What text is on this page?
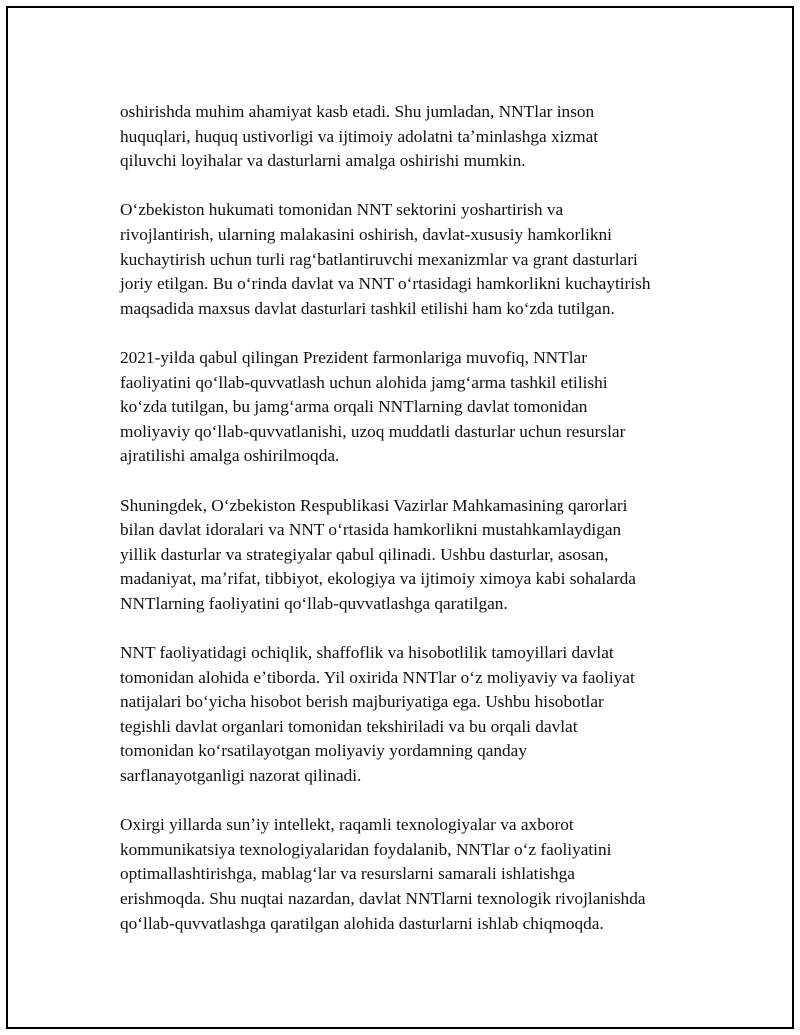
oshirishda muhim ahamiyat kasb etadi. Shu jumladan, NNTlar inson
huquqlari, huquq ustivorligi va ijtimoiy adolatni taʼminlashga xizmat
qiluvchi loyihalar va dasturlarni amalga oshirishi mumkin.

Oʻzbekiston hukumati tomonidan NNT sektorini yoshartirish va
rivojlantirish, ularning malakasini oshirish, davlat-xususiy hamkorlikni
kuchaytirish uchun turli ragʻbatlantiruvchi mexanizmlar va grant dasturlari
joriy etilgan. Bu oʻrinda davlat va NNT oʻrtasidagi hamkorlikni kuchaytirish
maqsadida maxsus davlat dasturlari tashkil etilishi ham koʻzda tutilgan.

2021-yilda qabul qilingan Prezident farmonlariga muvofiq, NNTlar
faoliyatini qoʻllab-quvvatlash uchun alohida jamgʻarma tashkil etilishi
koʻzda tutilgan, bu jamgʻarma orqali NNTlarning davlat tomonidan
moliyaviy qoʻllab-quvvatlanishi, uzoq muddatli dasturlar uchun resurslar
ajratilishi amalga oshirilmoqda.

Shuningdek, Oʻzbekiston Respublikasi Vazirlar Mahkamasining qarorlari
bilan davlat idoralari va NNT oʻrtasida hamkorlikni mustahkamlaydigan
yillik dasturlar va strategiyalar qabul qilinadi. Ushbu dasturlar, asosan,
madaniyat, maʼrifat, tibbiyot, ekologiya va ijtimoiy ximoya kabi sohalarda
NNTlarning faoliyatini qoʻllab-quvvatlashga qaratilgan.

NNT faoliyatidagi ochiqlik, shaffoflik va hisobotlilik tamoyillari davlat
tomonidan alohida eʼtiborda. Yil oxirida NNTlar oʻz moliyaviy va faoliyat
natijalari boʻyicha hisobot berish majburiyatiga ega. Ushbu hisobotlar
tegishli davlat organlari tomonidan tekshiriladi va bu orqali davlat
tomonidan koʻrsatilayotgan moliyaviy yordamning qanday
sarflanayotganligi nazorat qilinadi.

Oxirgi yillarda sunʼiy intellekt, raqamli texnologiyalar va axborot
kommunikatsiya texnologiyalaridan foydalanib, NNTlar oʻz faoliyatini
optimallashtirishga, mablagʻlar va resurslarni samarali ishlatishga
erishmoqda. Shu nuqtai nazardan, davlat NNTlarni texnologik rivojlanishda
qoʻllab-quvvatlashga qaratilgan alohida dasturlarni ishlab chiqmoqda.
